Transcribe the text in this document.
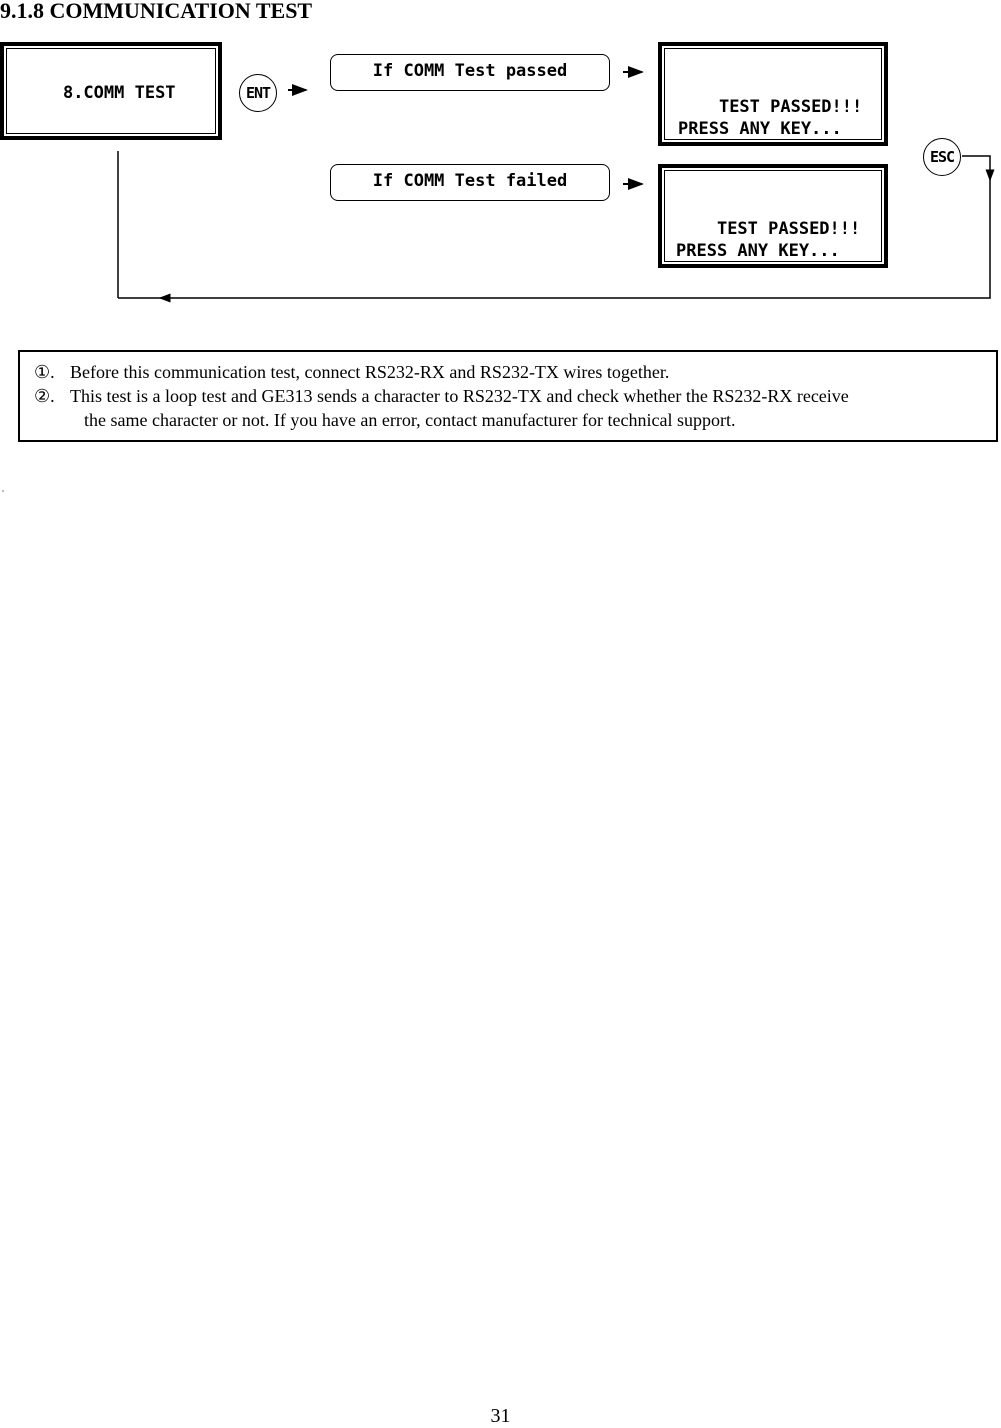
9.1.8 COMMUNICATION TEST

8.COMM TEST
	ENT
If COMM Test passed
If COMM Test failed

TEST PASSED!!!
PRESS ANY KEY...

ESC

TEST PASSED!!!
PRESS ANY KEY...

①. Before this communication test, connect RS232-RX and RS232-TX wires together.
②. This test is a loop test and GE313 sends a character to RS232-TX and check whether the RS232-RX receive
the same character or not. If you have an error, contact manufacturer for technical support.
31
